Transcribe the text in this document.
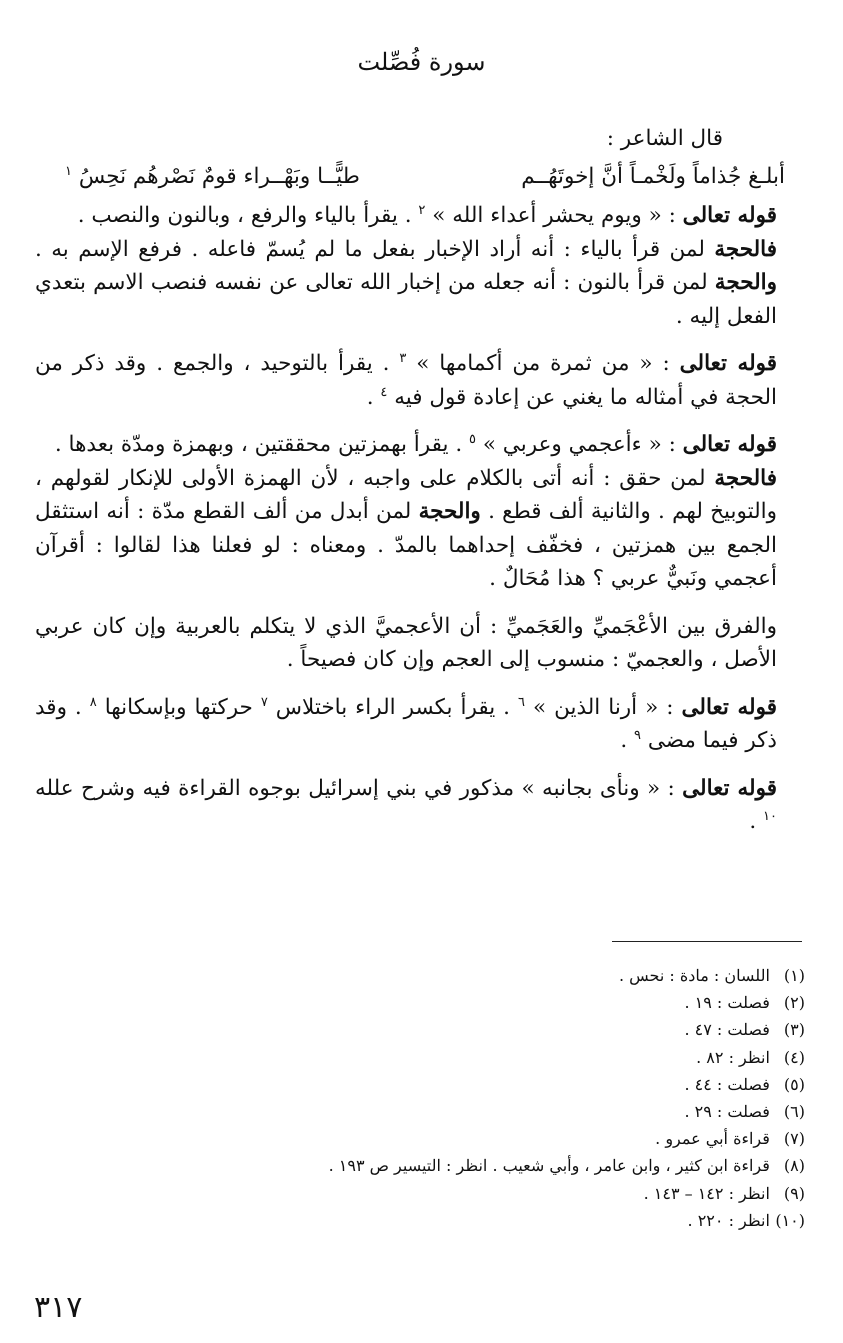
سورة فُصِّلت

قال الشاعر :

أبلـغ جُذاماً ولَخْمـاً أنَّ إخوتَهُــم
طيًّــا وبَهْــراء قومٌ نَصْرهُم نَحِسُ $^١$

قوله تعالى : « ويوم يحشر أعداء الله » $^٢$ . يقرأ بالياء والرفع ، وبالنون والنصب .
فالحجة لمن قرأ بالياء : أنه أراد الإخبار بفعل ما لم يُسمّ فاعله . فرفع الإسم به . والحجة لمن قرأ بالنون : أنه جعله من إخبار الله تعالى عن نفسه فنصب الاسم بتعدي الفعل إليه .

قوله تعالى : « من ثمرة من أكمامها » $^٣$ . يقرأ بالتوحيد ، والجمع . وقد ذكر من الحجة في أمثاله ما يغني عن إعادة قول فيه $^٤$ .

قوله تعالى : « ءأعجمي وعربي » $^٥$ . يقرأ بهمزتين محققتين ، وبهمزة ومدّة بعدها .
فالحجة لمن حقق : أنه أتى بالكلام على واجبه ، لأن الهمزة الأولى للإنكار لقولهم ، والتوبيخ لهم . والثانية ألف قطع . والحجة لمن أبدل من ألف القطع مدّة : أنه استثقل الجمع بين همزتين ، فخفّف إحداهما بالمدّ . ومعناه : لو فعلنا هذا لقالوا : أقرآن أعجمي ونَبيٌّ عربي ؟ هذا مُحَالٌ .

والفرق بين الأعْجَميِّ والعَجَميِّ : أن الأعجميَّ الذي لا يتكلم بالعربية وإن كان عربي الأصل ، والعجميّ : منسوب إلى العجم وإن كان فصيحاً .

قوله تعالى : « أرنا الذين » $^٦$ . يقرأ بكسر الراء باختلاس $^٧$ حركتها وبإسكانها $^٨$ . وقد ذكر فيما مضى $^٩$ .

قوله تعالى : « ونأى بجانبه » مذكور في بني إسرائيل بوجوه القراءة فيه وشرح علله $^{١٠}$ .

(١) اللسان : مادة : نحس .
(٢) فصلت : ١٩ .
(٣) فصلت : ٤٧ .
(٤) انظر : ٨٢ .
(٥) فصلت : ٤٤ .
(٦) فصلت : ٢٩ .
(٧) قراءة أبي عمرو .
(٨) قراءة ابن كثير ، وابن عامر ، وأبي شعيب . انظر : التيسير ص ١٩٣ .
(٩) انظر : ١٤٢ – ١٤٣ .
(١٠) انظر : ٢٢٠ .
٣١٧
